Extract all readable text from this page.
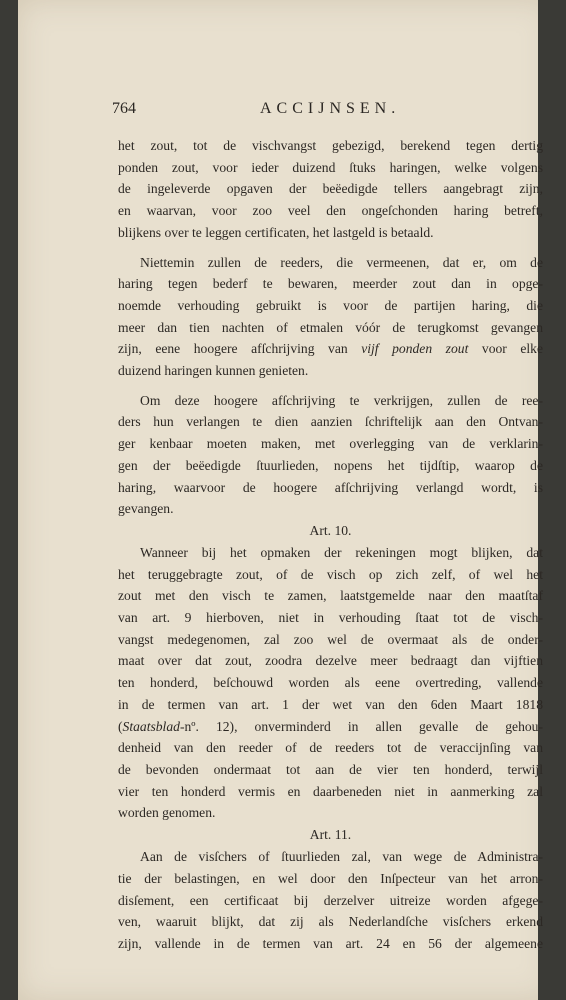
764	ACCIJNSEN.
het zout, tot de vischvangst gebezigd, berekend tegen dertig
ponden zout, voor ieder duizend ſtuks haringen, welke volgens
de ingeleverde opgaven der beëedigde tellers aangebragt zijn,
en waarvan, voor zoo veel den ongeſchonden haring betreft,
blijkens over te leggen certificaten, het lastgeld is betaald.
Niettemin zullen de reeders, die vermeenen, dat er, om de
haring tegen bederf te bewaren, meerder zout dan in opge-
noemde verhouding gebruikt is voor de partijen haring, die
meer dan tien nachten of etmalen vóór de terugkomst gevangen
zijn, eene hoogere afſchrijving van vijf ponden zout voor elke
duizend haringen kunnen genieten.
Om deze hoogere afſchrijving te verkrijgen, zullen de ree-
ders hun verlangen te dien aanzien ſchriftelijk aan den Ontvan-
ger kenbaar moeten maken, met overlegging van de verklarin-
gen der beëedigde ſtuurlieden, nopens het tijdſtip, waarop de
haring, waarvoor de hoogere afſchrijving verlangd wordt, is
gevangen.
Art. 10.
Wanneer bij het opmaken der rekeningen mogt blijken, dat
het teruggebragte zout, of de visch op zich zelf, of wel het
zout met den visch te zamen, laatstgemelde naar den maatſtaf
van art. 9 hierboven, niet in verhouding ſtaat tot de visch-
vangst medegenomen, zal zoo wel de overmaat als de onder-
maat over dat zout, zoodra dezelve meer bedraagt dan vijftien
ten honderd, beſchouwd worden als eene overtreding, vallende
in de termen van art. 1 der wet van den 6den Maart 1818
(Staatsblad-nº. 12), onverminderd in allen gevalle de gehou-
denheid van den reeder of de reeders tot de veraccijnſing van
de bevonden ondermaat tot aan de vier ten honderd, terwijl
vier ten honderd vermis en daarbeneden niet in aanmerking zal
worden genomen.
Art. 11.
Aan de visſchers of ſtuurlieden zal, van wege de Administra-
tie der belastingen, en wel door den Inſpecteur van het arron-
disſement, een certificaat bij derzelver uitreize worden afgege-
ven, waaruit blijkt, dat zij als Nederlandſche visſchers erkend
zijn, vallende in de termen van art. 24 en 56 der algemeene
